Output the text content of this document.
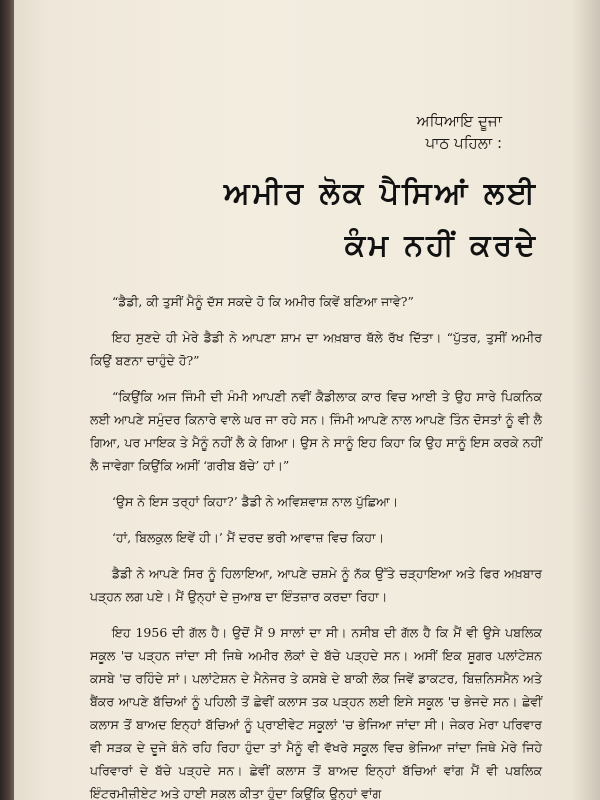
ਅਧਿਆਇ ਦੂਜਾ
ਪਾਠ ਪਹਿਲਾ :
ਅਮੀਰ ਲੋਕ ਪੈਸਿਆਂ ਲਈ
ਕੰਮ ਨਹੀਂ ਕਰਦੇ

“ਡੈਡੀ, ਕੀ ਤੁਸੀਂ ਮੈਨੂੰ ਦੱਸ ਸਕਦੇ ਹੋ ਕਿ ਅਮੀਰ ਕਿਵੇਂ ਬਣਿਆ ਜਾਵੇ?”

ਇਹ ਸੁਣਦੇ ਹੀ ਮੇਰੇ ਡੈਡੀ ਨੇ ਆਪਣਾ ਸ਼ਾਮ ਦਾ ਅਖ਼ਬਾਰ ਥੱਲੇ ਰੱਖ ਦਿੱਤਾ। “ਪੁੱਤਰ, ਤੁਸੀਂ ਅਮੀਰ ਕਿਉਂ ਬਣਨਾ ਚਾਹੁੰਦੇ ਹੋ?”

“ਕਿਉਂਕਿ ਅਜ ਜਿੰਮੀ ਦੀ ਮੰਮੀ ਆਪਣੀ ਨਵੀਂ ਕੈਡੀਲਾਕ ਕਾਰ ਵਿਚ ਆਈ ਤੇ ਉਹ ਸਾਰੇ ਪਿਕਨਿਕ ਲਈ ਆਪਣੇ ਸਮੁੰਦਰ ਕਿਨਾਰੇ ਵਾਲੇ ਘਰ ਜਾ ਰਹੇ ਸਨ। ਜਿੰਮੀ ਆਪਣੇ ਨਾਲ ਆਪਣੇ ਤਿੰਨ ਦੋਸਤਾਂ ਨੂੰ ਵੀ ਲੈ ਗਿਆ, ਪਰ ਮਾਇਕ ਤੇ ਮੈਨੂੰ ਨਹੀਂ ਲੈ ਕੇ ਗਿਆ। ਉਸ ਨੇ ਸਾਨੂੰ ਇਹ ਕਿਹਾ ਕਿ ਉਹ ਸਾਨੂੰ ਇਸ ਕਰਕੇ ਨਹੀਂ ਲੈ ਜਾਵੇਗਾ ਕਿਉਂਕਿ ਅਸੀਂ ‘ਗਰੀਬ ਬੱਚੇ’ ਹਾਂ।”

‘ਉਸ ਨੇ ਇਸ ਤਰ੍ਹਾਂ ਕਿਹਾ?’ ਡੈਡੀ ਨੇ ਅਵਿਸ਼ਵਾਸ਼ ਨਾਲ ਪੁੱਛਿਆ।

‘ਹਾਂ, ਬਿਲਕੁਲ ਇਵੇਂ ਹੀ।’ ਮੈਂ ਦਰਦ ਭਰੀ ਆਵਾਜ਼ ਵਿਚ ਕਿਹਾ।

ਡੈਡੀ ਨੇ ਆਪਣੇ ਸਿਰ ਨੂੰ ਹਿਲਾਇਆ, ਆਪਣੇ ਚਸ਼ਮੇ ਨੂੰ ਨੱਕ ਉੱਤੇ ਚੜ੍ਹਾਇਆ ਅਤੇ ਫਿਰ ਅਖ਼ਬਾਰ ਪੜ੍ਹਨ ਲਗ ਪਏ। ਮੈਂ ਉਨ੍ਹਾਂ ਦੇ ਜੁਆਬ ਦਾ ਇੰਤਜ਼ਾਰ ਕਰਦਾ ਰਿਹਾ।

ਇਹ 1956 ਦੀ ਗੱਲ ਹੈ। ਉਦੋਂ ਮੈਂ 9 ਸਾਲਾਂ ਦਾ ਸੀ। ਨਸੀਬ ਦੀ ਗੱਲ ਹੈ ਕਿ ਮੈਂ ਵੀ ਉਸੇ ਪਬਲਿਕ ਸਕੂਲ 'ਚ ਪੜ੍ਹਨ ਜਾਂਦਾ ਸੀ ਜਿਥੇ ਅਮੀਰ ਲੋਕਾਂ ਦੇ ਬੱਚੇ ਪੜ੍ਹਦੇ ਸਨ। ਅਸੀਂ ਇਕ ਸ਼ੂਗਰ ਪਲਾਂਟੇਸ਼ਨ ਕਸਬੇ 'ਚ ਰਹਿੰਦੇ ਸਾਂ। ਪਲਾਂਟੇਸ਼ਨ ਦੇ ਮੈਨੇਜਰ ਤੇ ਕਸਬੇ ਦੇ ਬਾਕੀ ਲੋਕ ਜਿਵੇਂ ਡਾਕਟਰ, ਬਿਜ਼ਨਿਸਮੈਨ ਅਤੇ ਬੈਂਕਰ ਆਪਣੇ ਬੱਚਿਆਂ ਨੂੰ ਪਹਿਲੀ ਤੋਂ ਛੇਵੀਂ ਕਲਾਸ ਤਕ ਪੜ੍ਹਨ ਲਈ ਇਸੇ ਸਕੂਲ 'ਚ ਭੇਜਦੇ ਸਨ। ਛੇਵੀਂ ਕਲਾਸ ਤੋਂ ਬਾਅਦ ਇਨ੍ਹਾਂ ਬੱਚਿਆਂ ਨੂੰ ਪ੍ਰਾਈਵੇਟ ਸਕੂਲਾਂ 'ਚ ਭੇਜਿਆ ਜਾਂਦਾ ਸੀ। ਜੇਕਰ ਮੇਰਾ ਪਰਿਵਾਰ ਵੀ ਸੜਕ ਦੇ ਦੂਜੇ ਬੰਨੇ ਰਹਿ ਰਿਹਾ ਹੁੰਦਾ ਤਾਂ ਮੈਨੂੰ ਵੀ ਵੱਖਰੇ ਸਕੂਲ ਵਿਚ ਭੇਜਿਆ ਜਾਂਦਾ ਜਿਥੇ ਮੇਰੇ ਜਿਹੇ ਪਰਿਵਾਰਾਂ ਦੇ ਬੱਚੇ ਪੜ੍ਹਦੇ ਸਨ। ਛੇਵੀਂ ਕਲਾਸ ਤੋਂ ਬਾਅਦ ਇਨ੍ਹਾਂ ਬੱਚਿਆਂ ਵਾਂਗ ਮੈਂ ਵੀ ਪਬਲਿਕ ਇੰਟਰਮੀਜ਼ੀਏਟ ਅਤੇ ਹਾਈ ਸਕੂਲ ਕੀਤਾ ਹੁੰਦਾ ਕਿਉਂਕਿ ਉਨ੍ਹਾਂ ਵਾਂਗ
